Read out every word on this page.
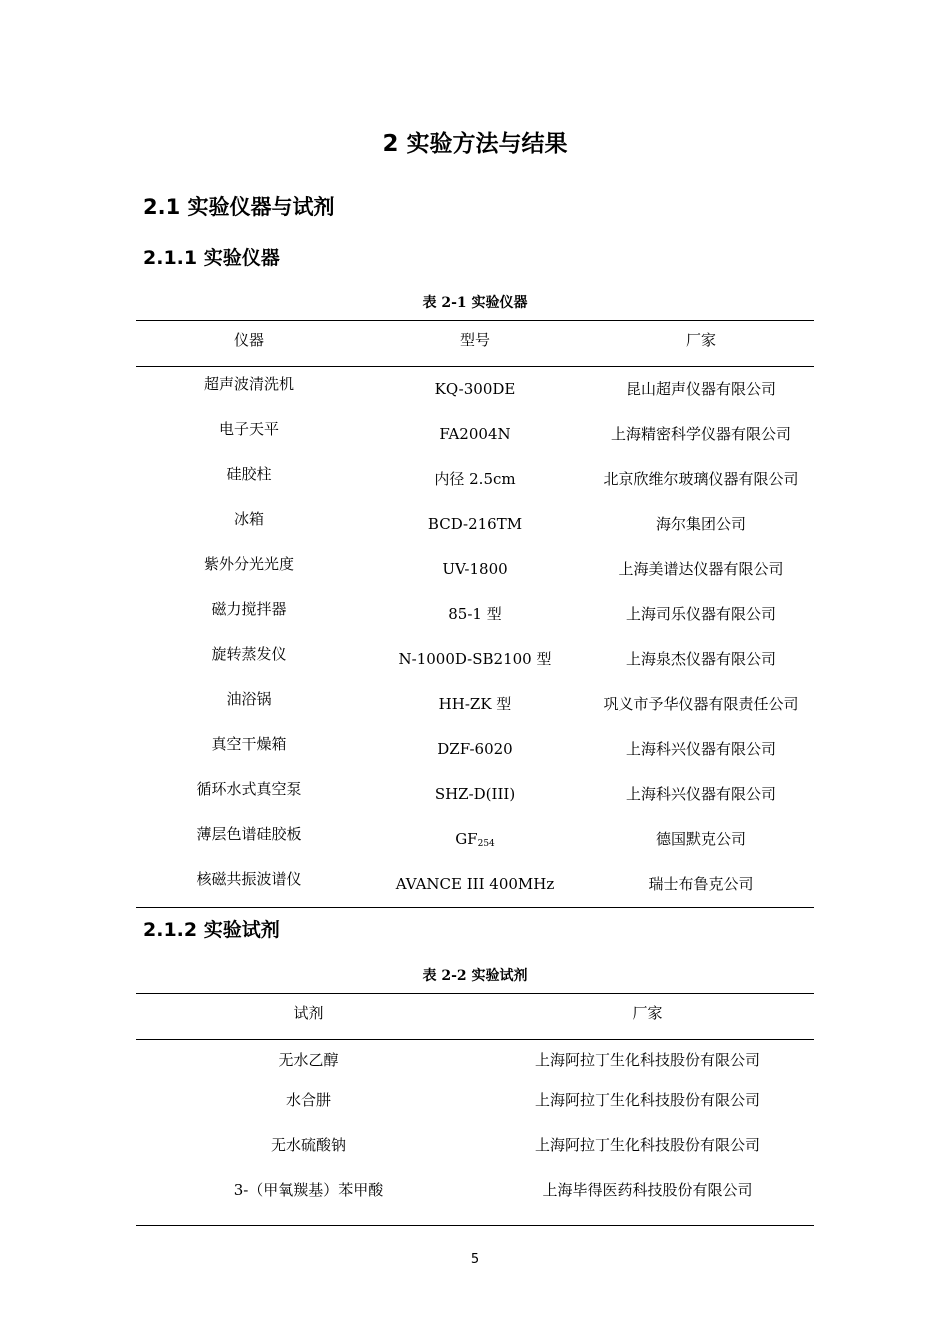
2 实验方法与结果
2.1 实验仪器与试剂
2.1.1 实验仪器
表 2-1 实验仪器
仪器	型号	厂家
超声波清洗机	KQ-300DE	昆山超声仪器有限公司
电子天平	FA2004N	上海精密科学仪器有限公司
硅胶柱	内径 2.5cm	北京欣维尔玻璃仪器有限公司
冰箱	BCD-216TM	海尔集团公司
紫外分光光度	UV-1800	上海美谱达仪器有限公司
磁力搅拌器	85-1 型	上海司乐仪器有限公司
旋转蒸发仪	N-1000D-SB2100 型	上海泉杰仪器有限公司
油浴锅	HH-ZK 型	巩义市予华仪器有限责任公司
真空干燥箱	DZF-6020	上海科兴仪器有限公司
循环水式真空泵	SHZ-D(III)	上海科兴仪器有限公司
薄层色谱硅胶板	$GF_{254}$	德国默克公司
核磁共振波谱仪	AVANCE III 400MHz	瑞士布鲁克公司
2.1.2 实验试剂
表 2-2 实验试剂
试剂	厂家
无水乙醇	上海阿拉丁生化科技股份有限公司
水合肼	上海阿拉丁生化科技股份有限公司
无水硫酸钠	上海阿拉丁生化科技股份有限公司
3-（甲氧羰基）苯甲酸	上海毕得医药科技股份有限公司
5
